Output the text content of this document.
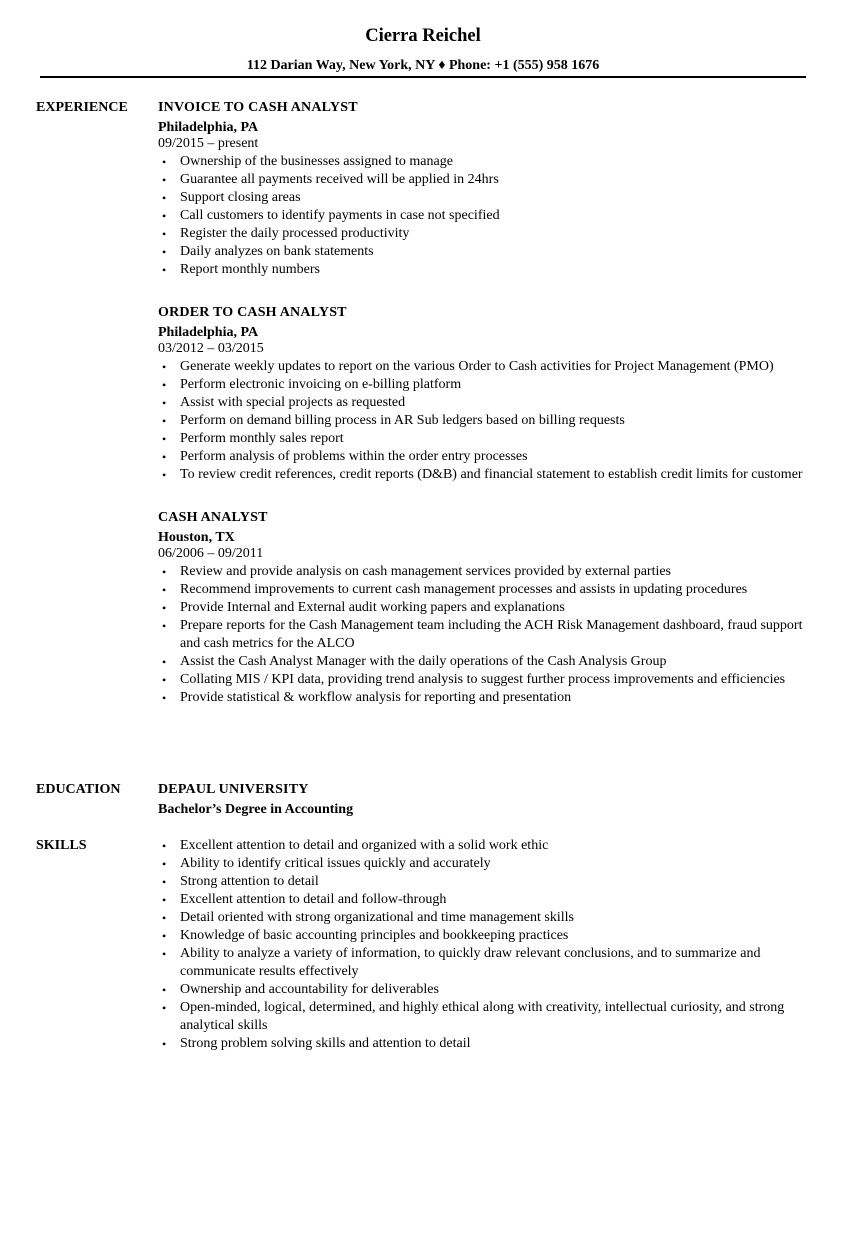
Cierra Reichel
112 Darian Way, New York, NY ♦ Phone: +1 (555) 958 1676
EXPERIENCE INVOICE TO CASH ANALYST
Philadelphia, PA
09/2015 – present
• Ownership of the businesses assigned to manage
• Guarantee all payments received will be applied in 24hrs
• Support closing areas
• Call customers to identify payments in case not specified
• Register the daily processed productivity
• Daily analyzes on bank statements
• Report monthly numbers
ORDER TO CASH ANALYST
Philadelphia, PA
03/2012 – 03/2015
• Generate weekly updates to report on the various Order to Cash activities for Project Management (PMO)
• Perform electronic invoicing on e-billing platform
• Assist with special projects as requested
• Perform on demand billing process in AR Sub ledgers based on billing requests
• Perform monthly sales report
• Perform analysis of problems within the order entry processes
• To review credit references, credit reports (D&B) and financial statement to establish credit limits for customer
CASH ANALYST
Houston, TX
06/2006 – 09/2011
• Review and provide analysis on cash management services provided by external parties
• Recommend improvements to current cash management processes and assists in updating procedures
• Provide Internal and External audit working papers and explanations
• Prepare reports for the Cash Management team including the ACH Risk Management dashboard, fraud support and cash metrics for the ALCO
• Assist the Cash Analyst Manager with the daily operations of the Cash Analysis Group
• Collating MIS / KPI data, providing trend analysis to suggest further process improvements and efficiencies
• Provide statistical & workflow analysis for reporting and presentation
EDUCATION	DEPAUL UNIVERSITY
Bachelor’s Degree in Accounting
SKILLS
•	Excellent attention to detail and organized with a solid work ethic
• Ability to identify critical issues quickly and accurately
• Strong attention to detail
• Excellent attention to detail and follow-through
• Detail oriented with strong organizational and time management skills
• Knowledge of basic accounting principles and bookkeeping practices
• Ability to analyze a variety of information, to quickly draw relevant conclusions, and to summarize and communicate results effectively
• Ownership and accountability for deliverables
• Open-minded, logical, determined, and highly ethical along with creativity, intellectual curiosity, and strong analytical skills
• Strong problem solving skills and attention to detail
